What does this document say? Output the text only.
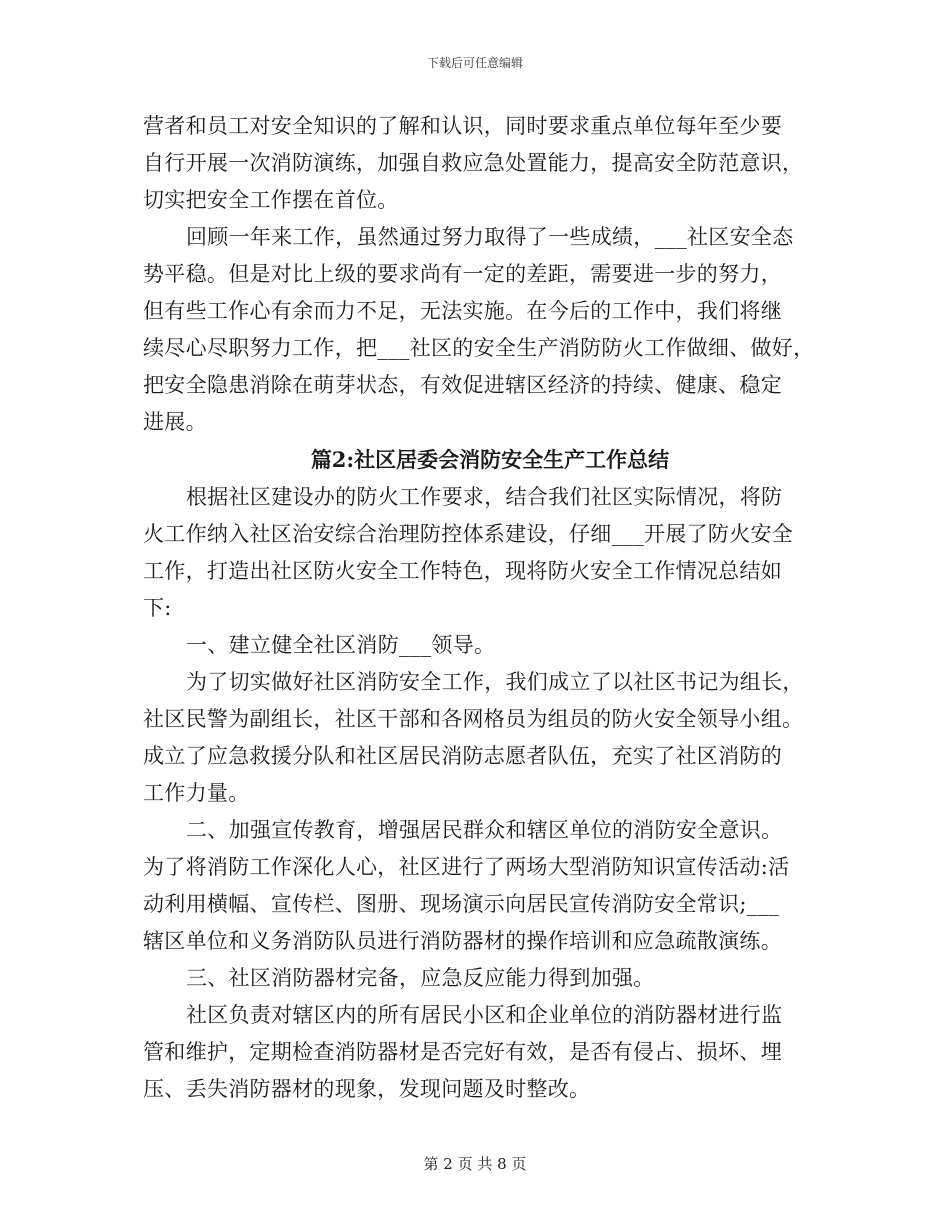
下载后可任意编辑
营者和员工对安全知识的了解和认识，同时要求重点单位每年至少要
自行开展一次消防演练，加强自救应急处置能力，提高安全防范意识，
切实把安全工作摆在首位。
回顾一年来工作，虽然通过努力取得了一些成绩，___社区安全态
势平稳。但是对比上级的要求尚有一定的差距，需要进一步的努力，
但有些工作心有余而力不足，无法实施。在今后的工作中，我们将继
续尽心尽职努力工作，把___社区的安全生产消防防火工作做细、做好，
把安全隐患消除在萌芽状态，有效促进辖区经济的持续、健康、稳定
进展。
篇2:社区居委会消防安全生产工作总结
根据社区建设办的防火工作要求，结合我们社区实际情况，将防
火工作纳入社区治安综合治理防控体系建设，仔细___开展了防火安全
工作，打造出社区防火安全工作特色，现将防火安全工作情况总结如
下:
一、建立健全社区消防___领导。
为了切实做好社区消防安全工作，我们成立了以社区书记为组长，
社区民警为副组长，社区干部和各网格员为组员的防火安全领导小组。
成立了应急救援分队和社区居民消防志愿者队伍，充实了社区消防的
工作力量。
二、加强宣传教育，增强居民群众和辖区单位的消防安全意识。
为了将消防工作深化人心，社区进行了两场大型消防知识宣传活动:活
动利用横幅、宣传栏、图册、现场演示向居民宣传消防安全常识;___
辖区单位和义务消防队员进行消防器材的操作培训和应急疏散演练。
三、社区消防器材完备，应急反应能力得到加强。
社区负责对辖区内的所有居民小区和企业单位的消防器材进行监
管和维护，定期检查消防器材是否完好有效，是否有侵占、损坏、埋
压、丢失消防器材的现象，发现问题及时整改。
第 2 页 共 8 页
